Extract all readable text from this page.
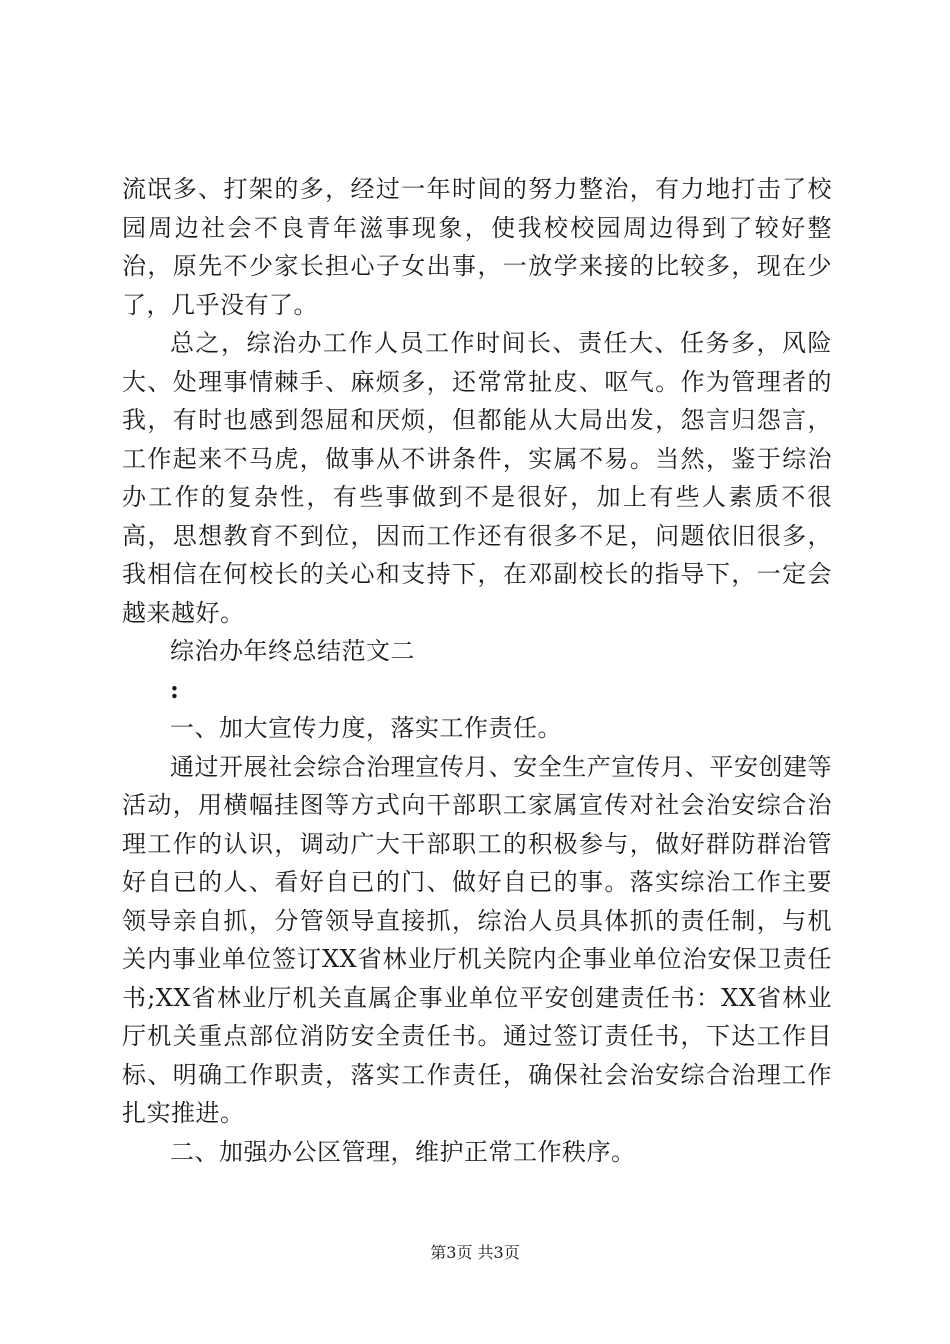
流氓多、打架的多，经过一年时间的努力整治，有力地打击了校园周边社会不良青年滋事现象，使我校校园周边得到了较好整治，原先不少家长担心子女出事，一放学来接的比较多，现在少了，几乎没有了。

总之，综治办工作人员工作时间长、责任大、任务多，风险大、处理事情棘手、麻烦多，还常常扯皮、呕气。作为管理者的我，有时也感到怨屈和厌烦，但都能从大局出发，怨言归怨言，工作起来不马虎，做事从不讲条件，实属不易。当然，鉴于综治办工作的复杂性，有些事做到不是很好，加上有些人素质不很高，思想教育不到位，因而工作还有很多不足，问题依旧很多，我相信在何校长的关心和支持下，在邓副校长的指导下，一定会越来越好。

综治办年终总结范文二

:

一、加大宣传力度，落实工作责任。

通过开展社会综合治理宣传月、安全生产宣传月、平安创建等活动，用横幅挂图等方式向干部职工家属宣传对社会治安综合治理工作的认识，调动广大干部职工的积极参与，做好群防群治管好自已的人、看好自已的门、做好自已的事。落实综治工作主要领导亲自抓，分管领导直接抓，综治人员具体抓的责任制，与机关内事业单位签订XX省林业厅机关院内企事业单位治安保卫责任书;XX省林业厅机关直属企事业单位平安创建责任书：XX省林业厅机关重点部位消防安全责任书。通过签订责任书，下达工作目标、明确工作职责，落实工作责任，确保社会治安综合治理工作扎实推进。

二、加强办公区管理，维护正常工作秩序。

第3页 共3页
